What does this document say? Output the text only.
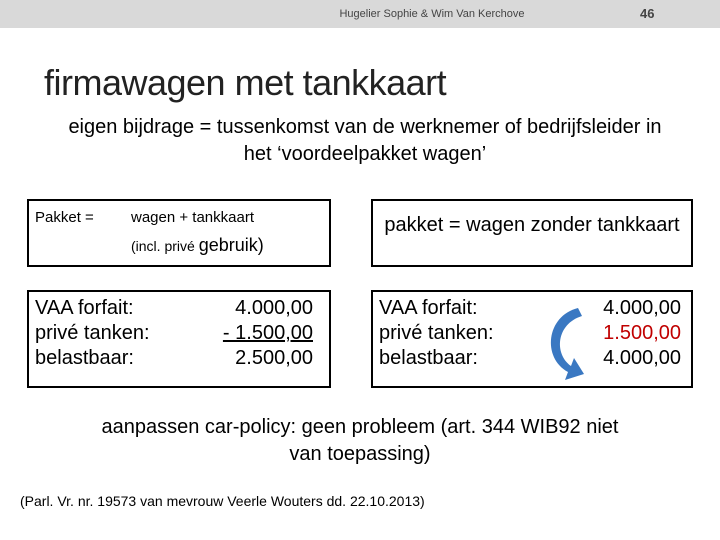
Hugelier Sophie & Wim Van Kerchove	46
firmawagen met tankkaart
eigen bijdrage = tussenkomst van de werknemer of bedrijfsleider in het ‘voordeelpakket wagen’
Pakket = wagen + tankkaart
(incl. privé gebruik)
pakket = wagen zonder tankkaart
VAA forfait:
privé tanken:
belastbaar:
4.000,00
- 1.500,00
2.500,00
VAA forfait:
privé tanken:
belastbaar:
4.000,00
1.500,00
4.000,00
aanpassen car-policy: geen probleem (art. 344 WIB92 niet van toepassing)
(Parl. Vr. nr. 19573 van mevrouw Veerle Wouters dd. 22.10.2013)
